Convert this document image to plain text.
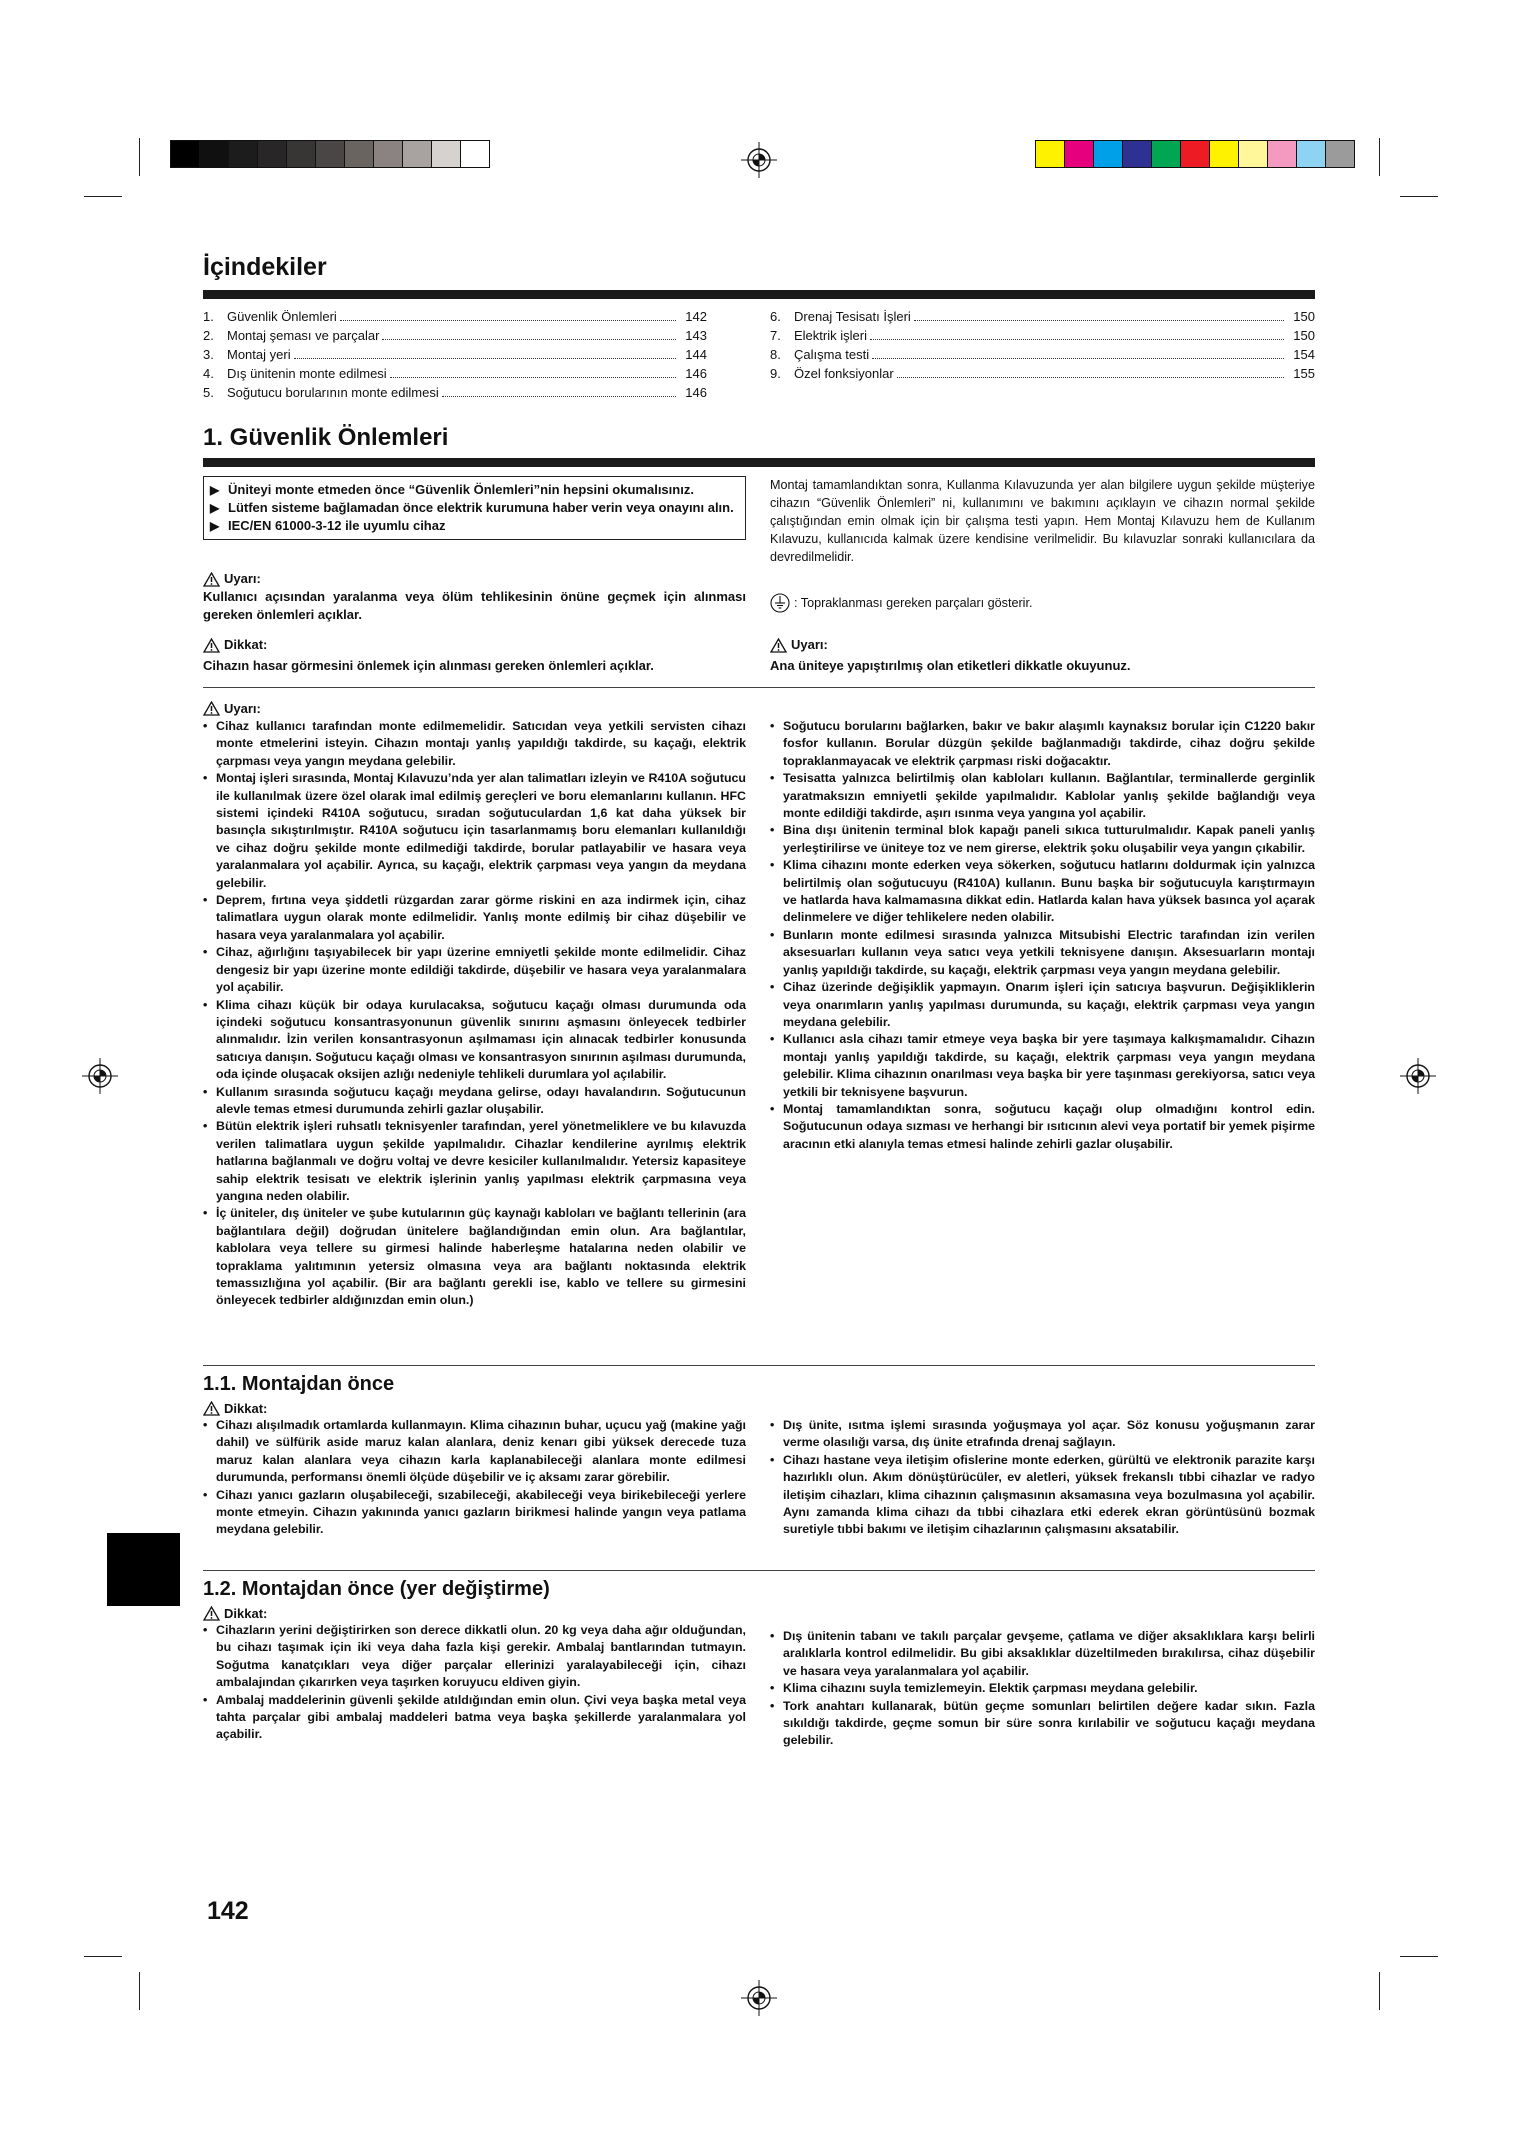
İçindekiler
1.	Güvenlik Önlemleri	142
2.	Montaj şeması ve parçalar	143
3.	Montaj yeri	144
4.	Dış ünitenin monte edilmesi	146
5.	Soğutucu borularının monte edilmesi	146
6.	Drenaj Tesisatı İşleri	150
7.	Elektrik işleri	150
8.	Çalışma testi	154
9.	Özel fonksiyonlar	155
1. Güvenlik Önlemleri
▶ Üniteyi monte etmeden önce “Güvenlik Önlemleri”nin hepsini okumalısınız.
▶ Lütfen sisteme bağlamadan önce elektrik kurumuna haber verin veya onayını alın.
▶ IEC/EN 61000-3-12 ile uyumlu cihaz
Uyarı:
Kullanıcı açısından yaralanma veya ölüm tehlikesinin önüne geçmek için alınması gereken önlemleri açıklar.
Dikkat:
Cihazın hasar görmesini önlemek için alınması gereken önlemleri açıklar.
Montaj tamamlandıktan sonra, Kullanma Kılavuzunda yer alan bilgilere uygun şekilde müşteriye cihazın “Güvenlik Önlemleri” ni, kullanımını ve bakımını açıklayın ve cihazın normal şekilde çalıştığından emin olmak için bir çalışma testi yapın. Hem Montaj Kılavuzu hem de Kullanım Kılavuzu, kullanıcıda kalmak üzere kendisine verilmelidir. Bu kılavuzlar sonraki kullanıcılara da devredilmelidir.
: Topraklanması gereken parçaları gösterir.
Uyarı:
Ana üniteye yapıştırılmış olan etiketleri dikkatle okuyunuz.
Uyarı:
• Cihaz kullanıcı tarafından monte edilmemelidir. Satıcıdan veya yetkili servisten cihazı monte etmelerini isteyin. Cihazın montajı yanlış yapıldığı takdirde, su kaçağı, elektrik çarpması veya yangın meydana gelebilir.
• Montaj işleri sırasında, Montaj Kılavuzu’nda yer alan talimatları izleyin ve R410A soğutucu ile kullanılmak üzere özel olarak imal edilmiş gereçleri ve boru elemanlarını kullanın. HFC sistemi içindeki R410A soğutucu, sıradan soğutuculardan 1,6 kat daha yüksek bir basınçla sıkıştırılmıştır. R410A soğutucu için tasarlanmamış boru elemanları kullanıldığı ve cihaz doğru şekilde monte edilmediği takdirde, borular patlayabilir ve hasara veya yaralanmalara yol açabilir. Ayrıca, su kaçağı, elektrik çarpması veya yangın da meydana gelebilir.
• Deprem, fırtına veya şiddetli rüzgardan zarar görme riskini en aza indirmek için, cihaz talimatlara uygun olarak monte edilmelidir. Yanlış monte edilmiş bir cihaz düşebilir ve hasara veya yaralanmalara yol açabilir.
• Cihaz, ağırlığını taşıyabilecek bir yapı üzerine emniyetli şekilde monte edilmelidir. Cihaz dengesiz bir yapı üzerine monte edildiği takdirde, düşebilir ve hasara veya yaralanmalara yol açabilir.
• Klima cihazı küçük bir odaya kurulacaksa, soğutucu kaçağı olması durumunda oda içindeki soğutucu konsantrasyonunun güvenlik sınırını aşmasını önleyecek tedbirler alınmalıdır. İzin verilen konsantrasyonun aşılmaması için alınacak tedbirler konusunda satıcıya danışın. Soğutucu kaçağı olması ve konsantrasyon sınırının aşılması durumunda, oda içinde oluşacak oksijen azlığı nedeniyle tehlikeli durumlara yol açılabilir.
• Kullanım sırasında soğutucu kaçağı meydana gelirse, odayı havalandırın. Soğutucunun alevle temas etmesi durumunda zehirli gazlar oluşabilir.
• Bütün elektrik işleri ruhsatlı teknisyenler tarafından, yerel yönetmeliklere ve bu kılavuzda verilen talimatlara uygun şekilde yapılmalıdır. Cihazlar kendilerine ayrılmış elektrik hatlarına bağlanmalı ve doğru voltaj ve devre kesiciler kullanılmalıdır. Yetersiz kapasiteye sahip elektrik tesisatı ve elektrik işlerinin yanlış yapılması elektrik çarpmasına veya yangına neden olabilir.
• İç üniteler, dış üniteler ve şube kutularının güç kaynağı kabloları ve bağlantı tellerinin (ara bağlantılara değil) doğrudan ünitelere bağlandığından emin olun. Ara bağlantılar, kablolara veya tellere su girmesi halinde haberleşme hatalarına neden olabilir ve topraklama yalıtımının yetersiz olmasına veya ara bağlantı noktasında elektrik temassızlığına yol açabilir. (Bir ara bağlantı gerekli ise, kablo ve tellere su girmesini önleyecek tedbirler aldığınızdan emin olun.)
• Soğutucu borularını bağlarken, bakır ve bakır alaşımlı kaynaksız borular için C1220 bakır fosfor kullanın. Borular düzgün şekilde bağlanmadığı takdirde, cihaz doğru şekilde topraklanmayacak ve elektrik çarpması riski doğacaktır.
• Tesisatta yalnızca belirtilmiş olan kabloları kullanın. Bağlantılar, terminallerde gerginlik yaratmaksızın emniyetli şekilde yapılmalıdır. Kablolar yanlış şekilde bağlandığı veya monte edildiği takdirde, aşırı ısınma veya yangına yol açabilir.
• Bina dışı ünitenin terminal blok kapağı paneli sıkıca tutturulmalıdır. Kapak paneli yanlış yerleştirilirse ve üniteye toz ve nem girerse, elektrik şoku oluşabilir veya yangın çıkabilir.
• Klima cihazını monte ederken veya sökerken, soğutucu hatlarını doldurmak için yalnızca belirtilmiş olan soğutucuyu (R410A) kullanın. Bunu başka bir soğutucuyla karıştırmayın ve hatlarda hava kalmamasına dikkat edin. Hatlarda kalan hava yüksek basınca yol açarak delinmelere ve diğer tehlikelere neden olabilir.
• Bunların monte edilmesi sırasında yalnızca Mitsubishi Electric tarafından izin verilen aksesuarları kullanın veya satıcı veya yetkili teknisyene danışın. Aksesuarların montajı yanlış yapıldığı takdirde, su kaçağı, elektrik çarpması veya yangın meydana gelebilir.
• Cihaz üzerinde değişiklik yapmayın. Onarım işleri için satıcıya başvurun. Değişikliklerin veya onarımların yanlış yapılması durumunda, su kaçağı, elektrik çarpması veya yangın meydana gelebilir.
• Kullanıcı asla cihazı tamir etmeye veya başka bir yere taşımaya kalkışmamalıdır. Cihazın montajı yanlış yapıldığı takdirde, su kaçağı, elektrik çarpması veya yangın meydana gelebilir. Klima cihazının onarılması veya başka bir yere taşınması gerekiyorsa, satıcı veya yetkili bir teknisyene başvurun.
• Montaj tamamlandıktan sonra, soğutucu kaçağı olup olmadığını kontrol edin. Soğutucunun odaya sızması ve herhangi bir ısıtıcının alevi veya portatif bir yemek pişirme aracının etki alanıyla temas etmesi halinde zehirli gazlar oluşabilir.
1.1. Montajdan önce
Dikkat:
• Cihazı alışılmadık ortamlarda kullanmayın. Klima cihazının buhar, uçucu yağ (makine yağı dahil) ve sülfürik aside maruz kalan alanlara, deniz kenarı gibi yüksek derecede tuza maruz kalan alanlara veya cihazın karla kaplanabileceği alanlara monte edilmesi durumunda, performansı önemli ölçüde düşebilir ve iç aksamı zarar görebilir.
• Cihazı yanıcı gazların oluşabileceği, sızabileceği, akabileceği veya birikebileceği yerlere monte etmeyin. Cihazın yakınında yanıcı gazların birikmesi halinde yangın veya patlama meydana gelebilir.
• Dış ünite, ısıtma işlemi sırasında yoğuşmaya yol açar. Söz konusu yoğuşmanın zarar verme olasılığı varsa, dış ünite etrafında drenaj sağlayın.
• Cihazı hastane veya iletişim ofislerine monte ederken, gürültü ve elektronik parazite karşı hazırlıklı olun. Akım dönüştürücüler, ev aletleri, yüksek frekanslı tıbbi cihazlar ve radyo iletişim cihazları, klima cihazının çalışmasının aksamasına veya bozulmasına yol açabilir. Aynı zamanda klima cihazı da tıbbi cihazlara etki ederek ekran görüntüsünü bozmak suretiyle tıbbi bakımı ve iletişim cihazlarının çalışmasını aksatabilir.
1.2. Montajdan önce (yer değiştirme)
Dikkat:
• Cihazların yerini değiştirirken son derece dikkatli olun. 20 kg veya daha ağır olduğundan, bu cihazı taşımak için iki veya daha fazla kişi gerekir. Ambalaj bantlarından tutmayın. Soğutma kanatçıkları veya diğer parçalar ellerinizi yaralayabileceği için, cihazı ambalajından çıkarırken veya taşırken koruyucu eldiven giyin.
• Ambalaj maddelerinin güvenli şekilde atıldığından emin olun. Çivi veya başka metal veya tahta parçalar gibi ambalaj maddeleri batma veya başka şekillerde yaralanmalara yol açabilir.
• Dış ünitenin tabanı ve takılı parçalar gevşeme, çatlama ve diğer aksaklıklara karşı belirli aralıklarla kontrol edilmelidir. Bu gibi aksaklıklar düzeltilmeden bırakılırsa, cihaz düşebilir ve hasara veya yaralanmalara yol açabilir.
• Klima cihazını suyla temizlemeyin. Elektik çarpması meydana gelebilir.
• Tork anahtarı kullanarak, bütün geçme somunları belirtilen değere kadar sıkın. Fazla sıkıldığı takdirde, geçme somun bir süre sonra kırılabilir ve soğutucu kaçağı meydana gelebilir.
142
